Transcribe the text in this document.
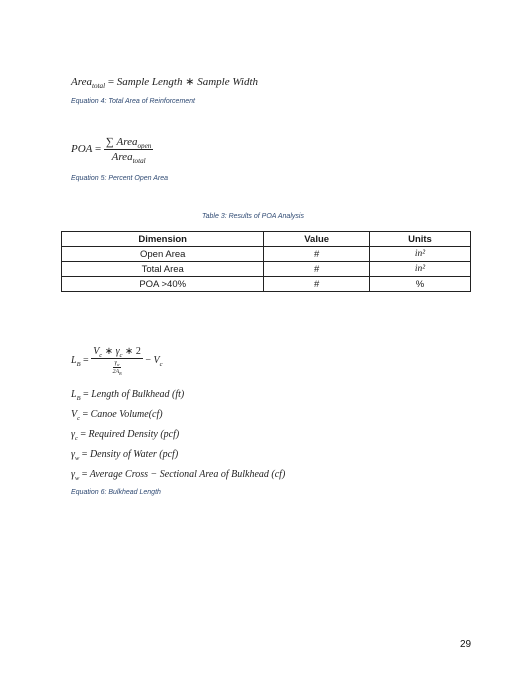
Area$_{total}$ = Sample Length ∗ Sample Width
Equation 4: Total Area of Reinforcement
POA = $\frac{\sum Area_{open}}{Area_{total}}$
Equation 5: Percent Open Area
Table 3: Results of POA Analysis
Dimension	Value	Units
Open Area	#	in²
Total Area	#	in²
POA >40%	#	%
$L_B = \frac{V_c ∗ \gamma_c ∗ 2}{\frac{\gamma_w}{2A_B}} - V_c$
$L_B$ = Length of Bulkhead (ft)
$V_c$ = Canoe Volume(cf)
$\gamma_c$ = Required Density (pcf)
$\gamma_w$ = Density of Water (pcf)
$\gamma_w$ = Average Cross − Sectional Area of Bulkhead (cf)
Equation 6: Bulkhead Length
29
